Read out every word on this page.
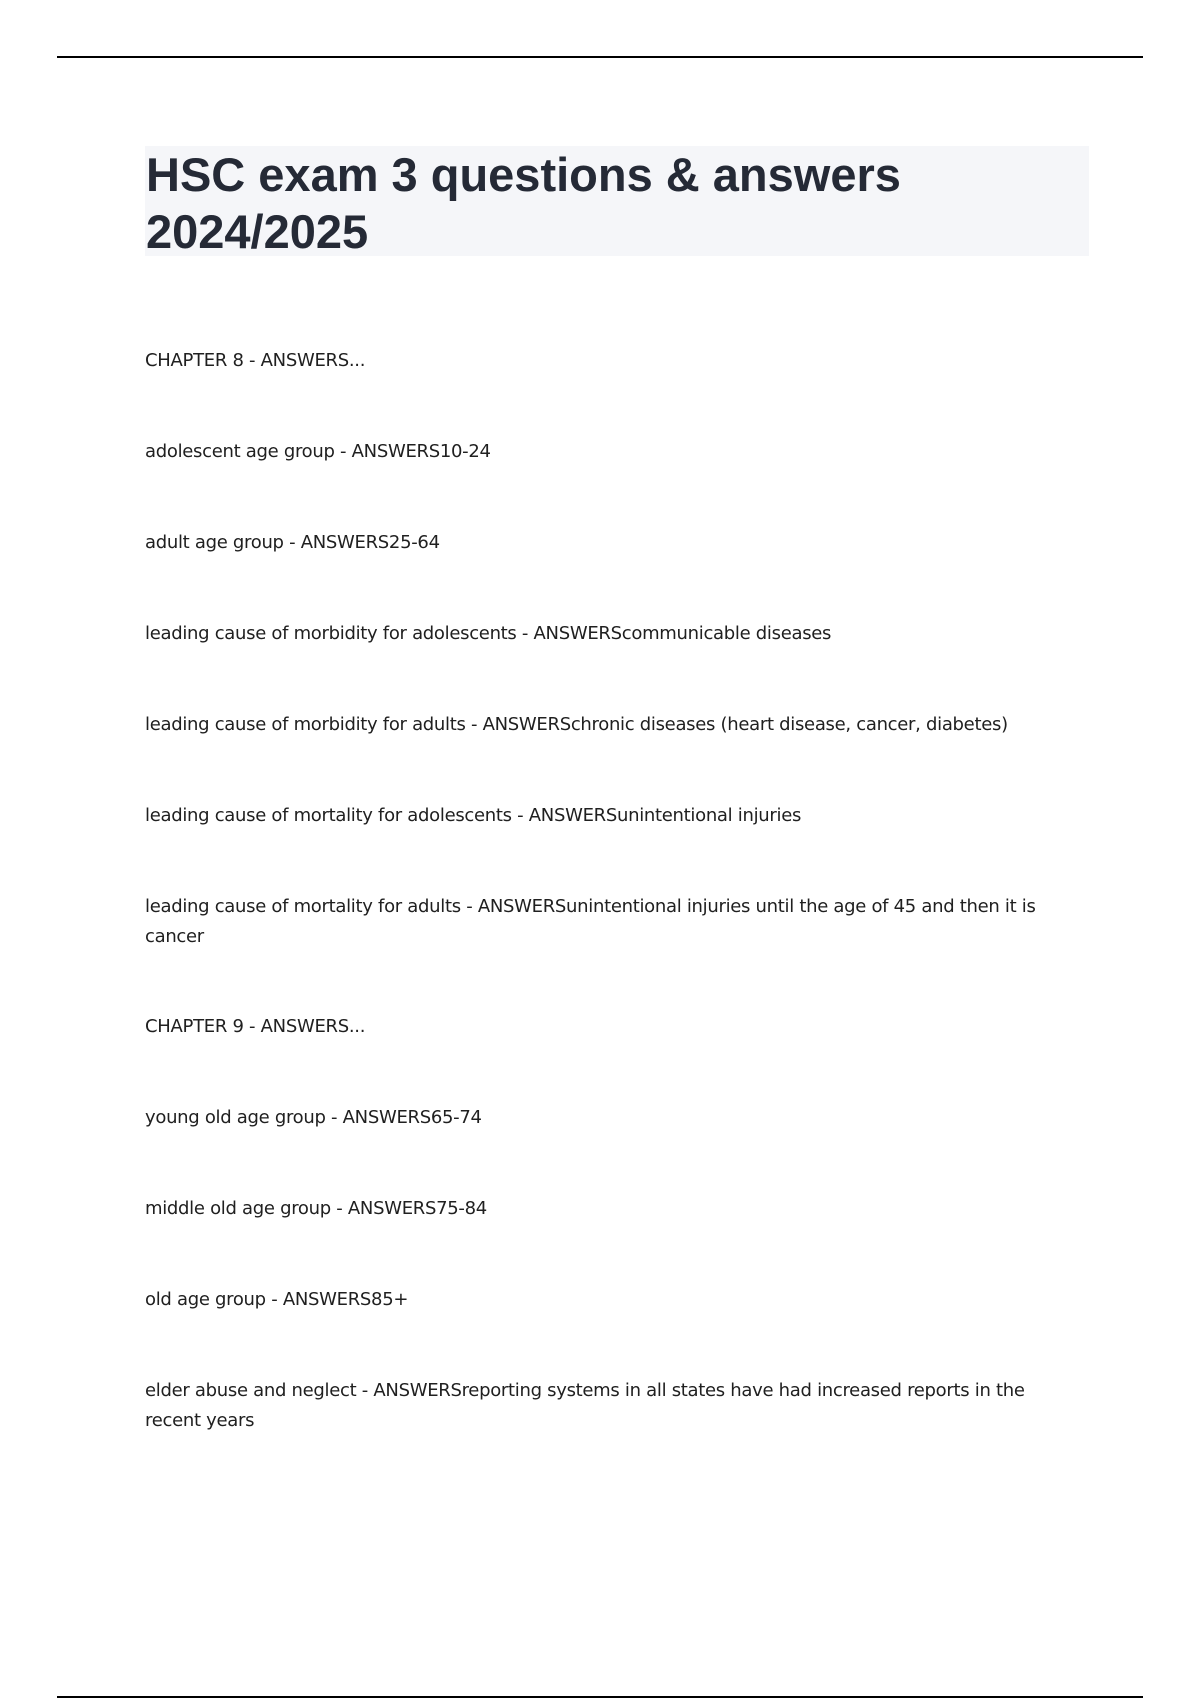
HSC exam 3 questions & answers 2024/2025

CHAPTER 8 - ANSWERS...

adolescent age group - ANSWERS10-24

adult age group - ANSWERS25-64

leading cause of morbidity for adolescents - ANSWERScommunicable diseases

leading cause of morbidity for adults - ANSWERSchronic diseases (heart disease, cancer, diabetes)

leading cause of mortality for adolescents - ANSWERSunintentional injuries

leading cause of mortality for adults - ANSWERSunintentional injuries until the age of 45 and then it is cancer

CHAPTER 9 - ANSWERS...

young old age group - ANSWERS65-74

middle old age group - ANSWERS75-84

old age group - ANSWERS85+

elder abuse and neglect - ANSWERSreporting systems in all states have had increased reports in the recent years
